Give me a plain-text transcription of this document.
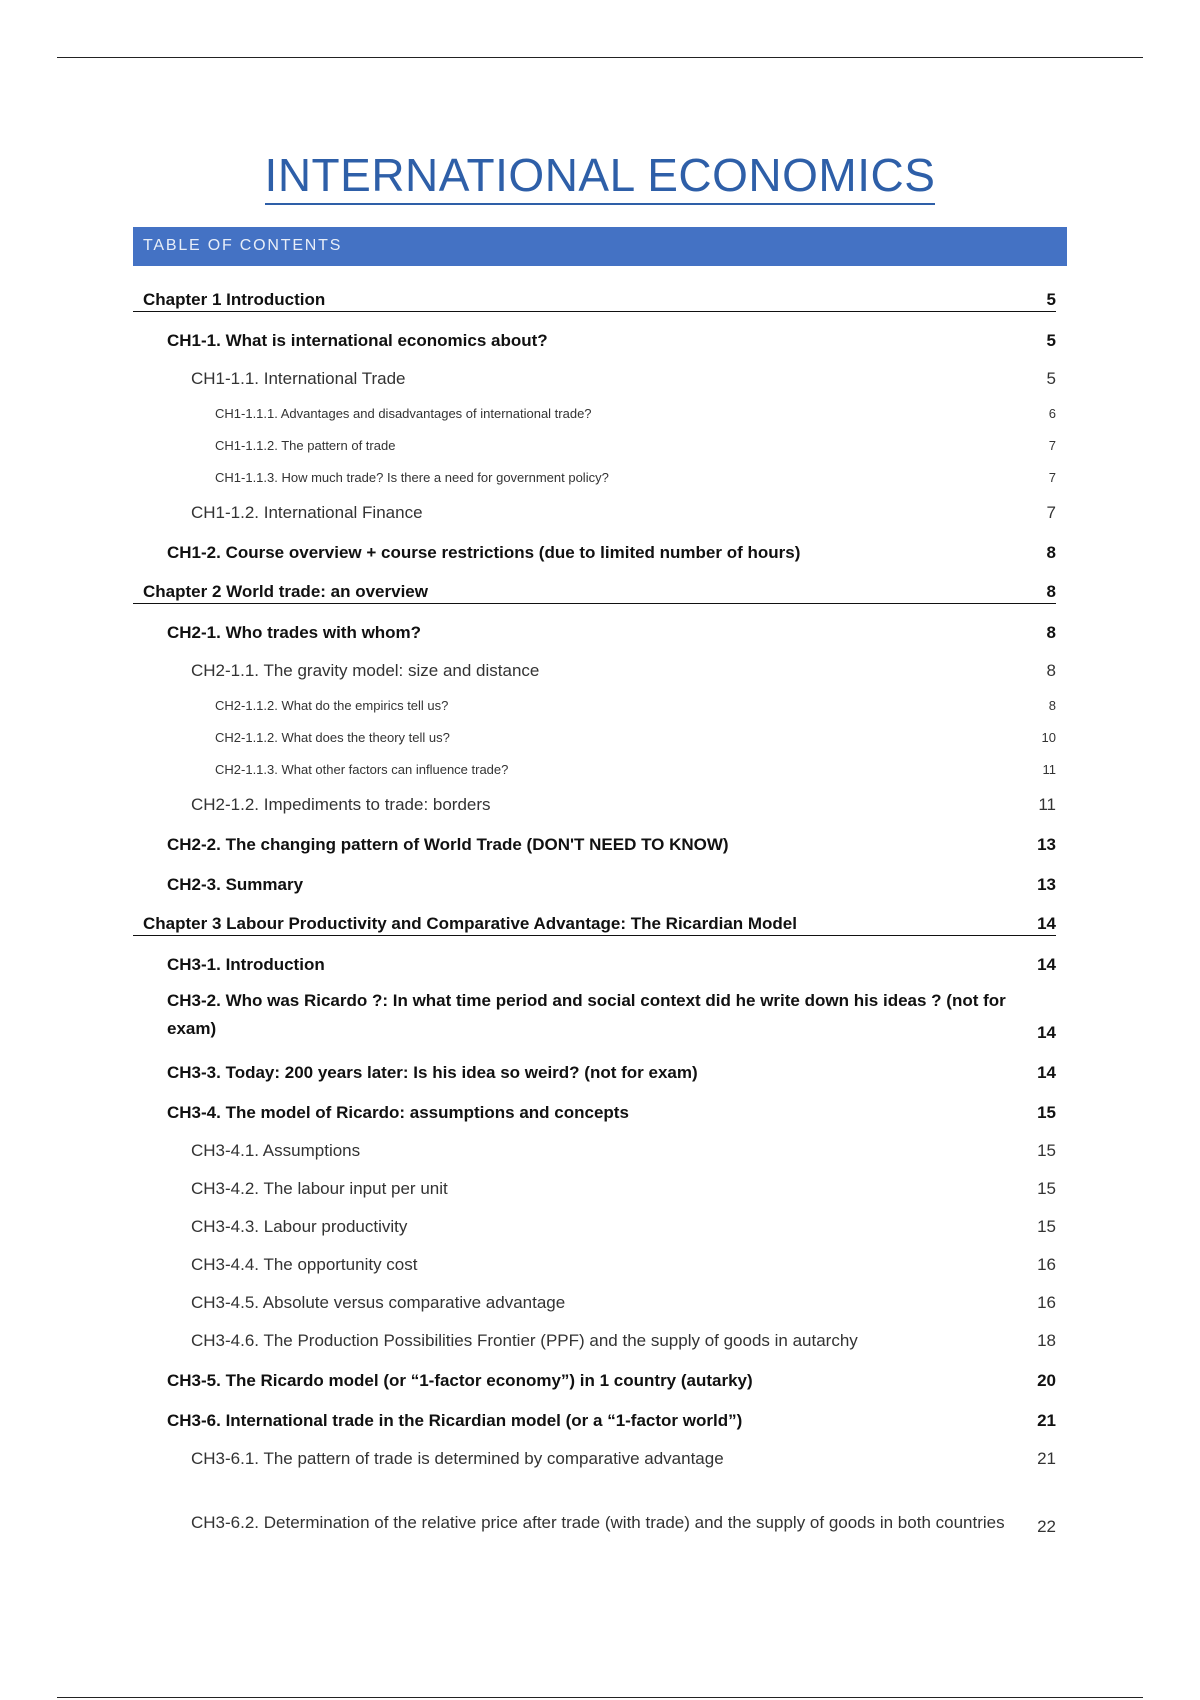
INTERNATIONAL ECONOMICS
TABLE OF CONTENTS
Chapter 1 Introduction	5
CH1-1. What is international economics about?	5
CH1-1.1. International Trade	5
CH1-1.1.1. Advantages and disadvantages of international trade?	6
CH1-1.1.2. The pattern of trade	7
CH1-1.1.3. How much trade? Is there a need for government policy?	7
CH1-1.2. International Finance	7
CH1-2. Course overview + course restrictions (due to limited number of hours)	8
Chapter 2 World trade: an overview	8
CH2-1. Who trades with whom?	8
CH2-1.1. The gravity model: size and distance	8
CH2-1.1.2. What do the empirics tell us?	8
CH2-1.1.2. What does the theory tell us?	10
CH2-1.1.3. What other factors can influence trade?	11
CH2-1.2. Impediments to trade: borders	11
CH2-2. The changing pattern of World Trade (DON'T NEED TO KNOW)	13
CH2-3. Summary	13
Chapter 3 Labour Productivity and Comparative Advantage: The Ricardian Model	14
CH3-1. Introduction	14
CH3-2. Who was Ricardo ?: In what time period and social context did he write down his ideas ? (not for exam)	14
CH3-3. Today: 200 years later: Is his idea so weird? (not for exam)	14
CH3-4. The model of Ricardo: assumptions and concepts	15
CH3-4.1. Assumptions	15
CH3-4.2. The labour input per unit	15
CH3-4.3. Labour productivity	15
CH3-4.4. The opportunity cost	16
CH3-4.5. Absolute versus comparative advantage	16
CH3-4.6. The Production Possibilities Frontier (PPF) and the supply of goods in autarchy	18
CH3-5. The Ricardo model (or “1-factor economy”) in 1 country (autarky)	20
CH3-6. International trade in the Ricardian model (or a “1-factor world”)	21
CH3-6.1. The pattern of trade is determined by comparative advantage	21
CH3-6.2. Determination of the relative price after trade (with trade) and the supply of goods in both countries	22
